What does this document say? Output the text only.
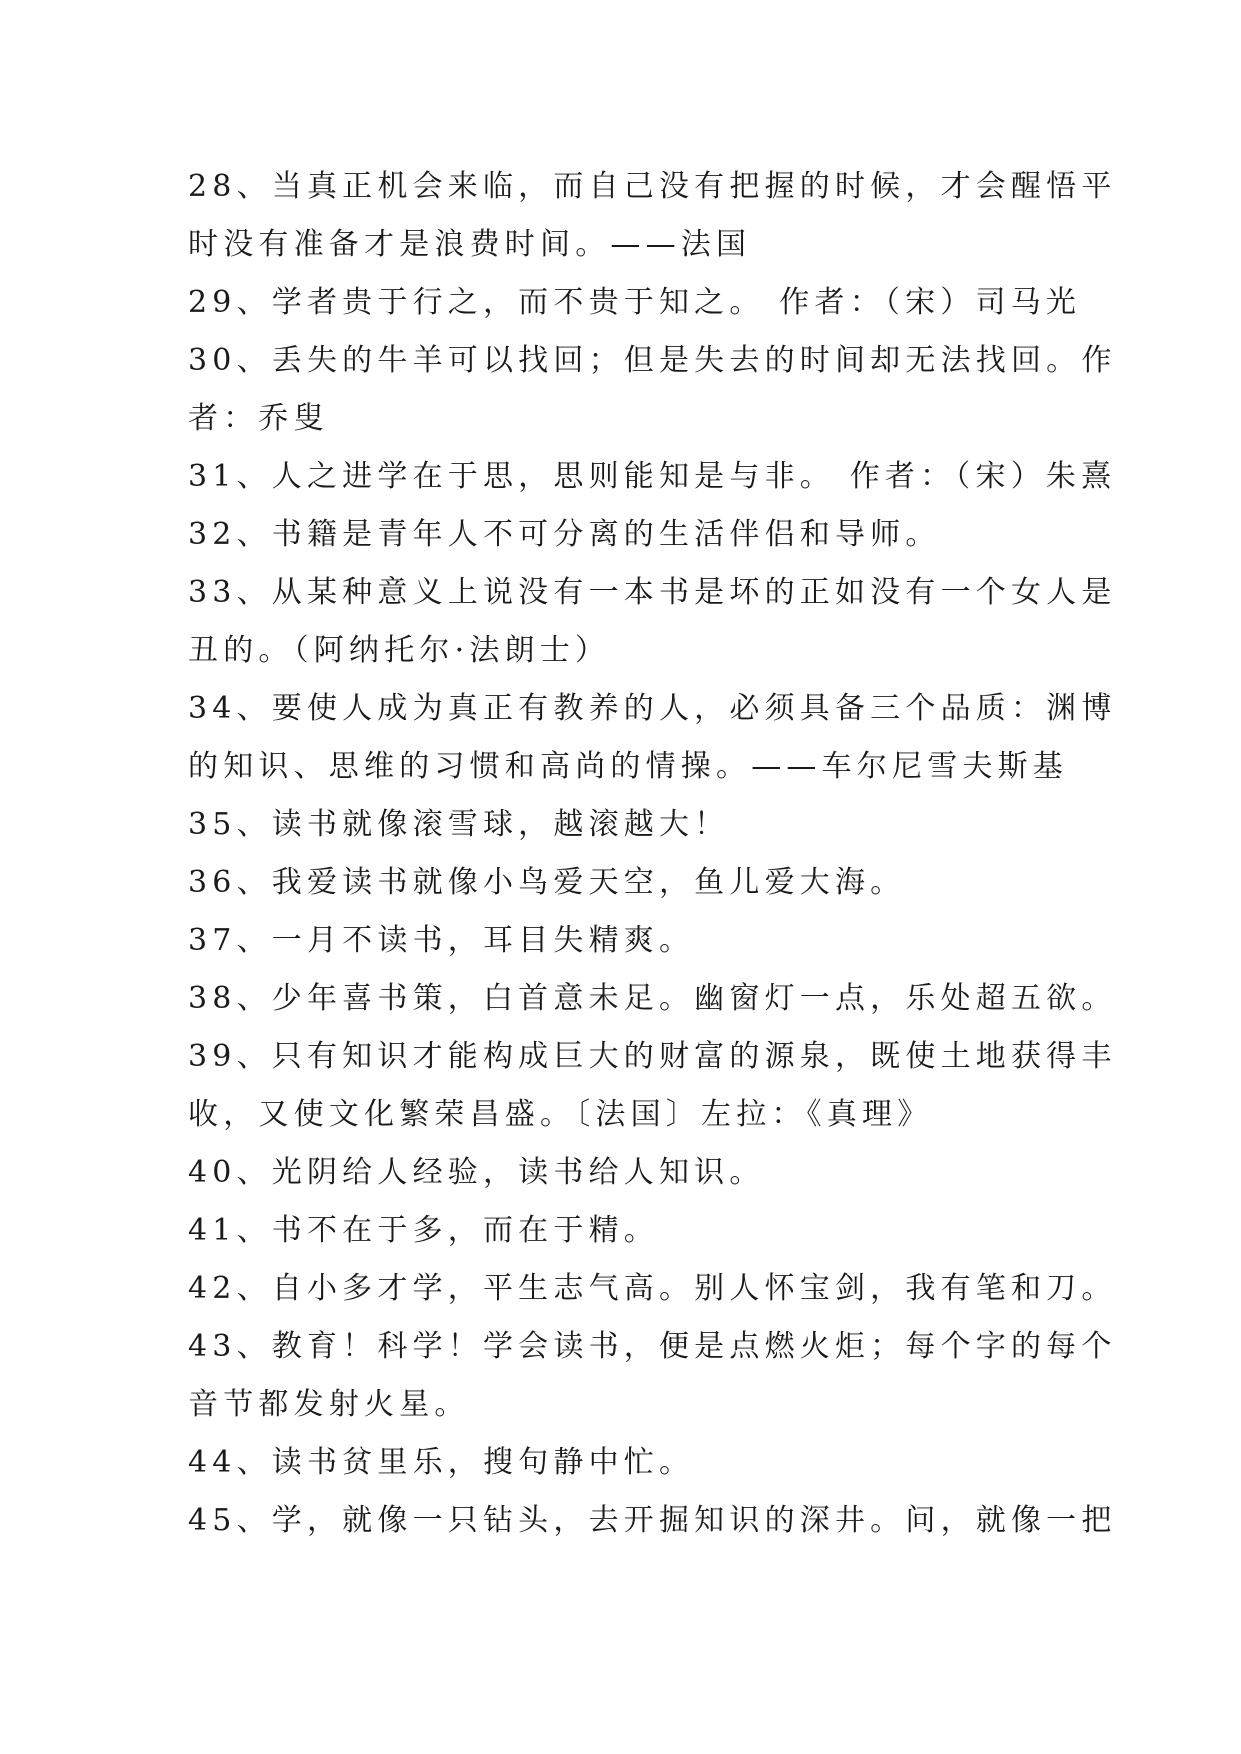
28、当真正机会来临，而自己没有把握的时候，才会醒悟平
时没有准备才是浪费时间。——法国
29、学者贵于行之，而不贵于知之。 作者：（宋）司马光
30、丢失的牛羊可以找回；但是失去的时间却无法找回。作
者：乔叟
31、人之进学在于思，思则能知是与非。 作者：（宋）朱熹
32、书籍是青年人不可分离的生活伴侣和导师。
33、从某种意义上说没有一本书是坏的正如没有一个女人是
丑的。（阿纳托尔·法朗士）
34、要使人成为真正有教养的人，必须具备三个品质：渊博
的知识、思维的习惯和高尚的情操。——车尔尼雪夫斯基
35、读书就像滚雪球，越滚越大！
36、我爱读书就像小鸟爱天空，鱼儿爱大海。
37、一月不读书，耳目失精爽。
38、少年喜书策，白首意未足。幽窗灯一点，乐处超五欲。
39、只有知识才能构成巨大的财富的源泉，既使土地获得丰
收，又使文化繁荣昌盛。〔法国〕左拉：《真理》
40、光阴给人经验，读书给人知识。
41、书不在于多，而在于精。
42、自小多才学，平生志气高。别人怀宝剑，我有笔和刀。
43、教育！科学！学会读书，便是点燃火炬；每个字的每个
音节都发射火星。
44、读书贫里乐，搜句静中忙。
45、学，就像一只钻头，去开掘知识的深井。问，就像一把
